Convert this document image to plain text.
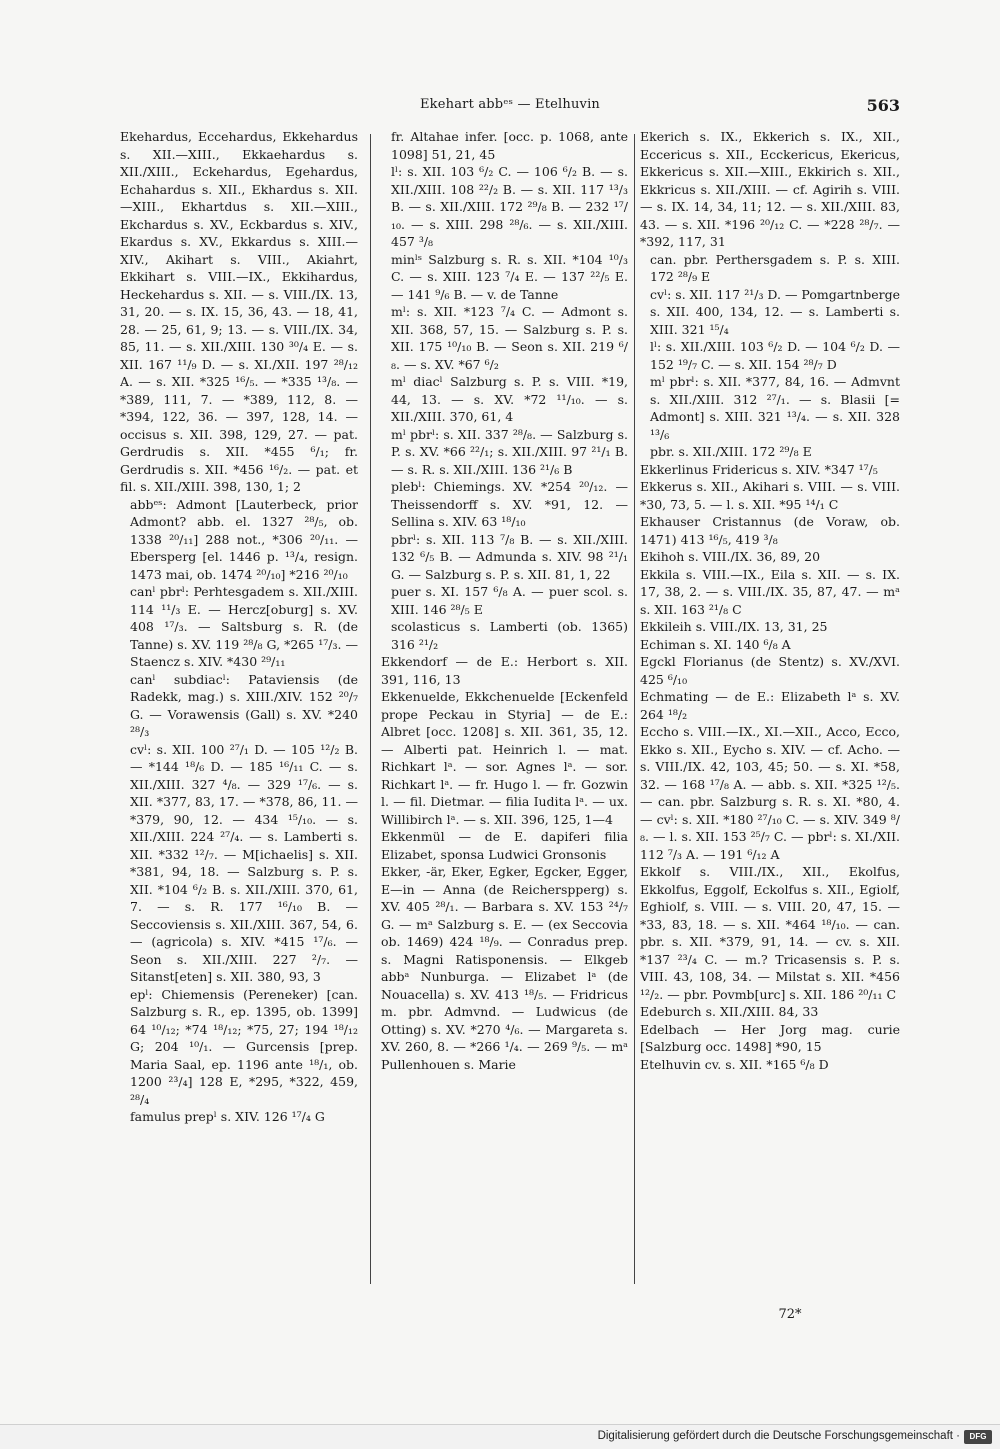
Ekehart abbᵉˢ — Etelhuvin	563

Ekehardus, Eccehardus, Ekkehardus s. XII.—XIII., Ekkaehardus s. XII./XIII., Eckehardus, Egehardus, Echahardus s. XII., Ekhardus s. XII.—XIII., Ekhartdus s. XII.—XIII., Ekchardus s. XV., Eckbardus s. XIV., Ekardus s. XV., Ekkardus s. XIII.—XIV., Akihart s. VIII., Akiahrt, Ekkihart s. VIII.—IX., Ekkihardus, Heckehardus s. XII. — s. VIII./IX. 13, 31, 20. — s. IX. 15, 36, 43. — 18, 41, 28. — 25, 61, 9; 13. — s. VIII./IX. 34, 85, 11. — s. XII./XIII. 130 ³⁰/₄ E. — s. XII. 167 ¹¹/₉ D. — s. XI./XII. 197 ²⁸/₁₂ A. — s. XII. *325 ¹⁶/₅. — *335 ¹³/₈. — *389, 111, 7. — *389, 112, 8. — *394, 122, 36. — 397, 128, 14. — occisus s. XII. 398, 129, 27. — pat. Gerdrudis s. XII. *455 ⁶/₁; fr. Gerdrudis s. XII. *456 ¹⁶/₂. — pat. et fil. s. XII./XIII. 398, 130, 1; 2

abbᵉˢ: Admont [Lauterbeck, prior Admont? abb. el. 1327 ²⁸/₅, ob. 1338 ²⁰/₁₁] 288 not., *306 ²⁰/₁₁. — Ebersperg [el. 1446 p. ¹³/₄, resign. 1473 mai, ob. 1474 ²⁰/₁₀] *216 ²⁰/₁₀

canˡ pbrˡ: Perhtesgadem s. XII./XIII. 114 ¹¹/₃ E. — Hercz[oburg] s. XV. 408 ¹⁷/₃. — Saltsburg s. R. (de Tanne) s. XV. 119 ²⁸/₈ G, *265 ¹⁷/₃. — Staencz s. XIV. *430 ²⁹/₁₁

canˡ subdiacˡ: Pataviensis (de Radekk, mag.) s. XIII./XIV. 152 ²⁰/₇ G. — Vorawensis (Gall) s. XV. *240 ²⁸/₃

cvˡ: s. XII. 100 ²⁷/₁ D. — 105 ¹²/₂ B. — *144 ¹⁸/₆ D. — 185 ¹⁶/₁₁ C. — s. XII./XIII. 327 ⁴/₈. — 329 ¹⁷/₆. — s. XII. *377, 83, 17. — *378, 86, 11. — *379, 90, 12. — 434 ¹⁵/₁₀. — s. XII./XIII. 224 ²⁷/₄. — s. Lamberti s. XII. *332 ¹²/₇. — M[ichaelis] s. XII. *381, 94, 18. — Salzburg s. P. s. XII. *104 ⁶/₂ B. s. XII./XIII. 370, 61, 7. — s. R. 177 ¹⁶/₁₀ B. — Seccoviensis s. XII./XIII. 367, 54, 6. — (agricola) s. XIV. *415 ¹⁷/₆. — Seon s. XII./XIII. 227 ²/₇. — Sitanst[eten] s. XII. 380, 93, 3

epˡ: Chiemensis (Pereneker) [can. Salzburg s. R., ep. 1395, ob. 1399] 64 ¹⁰/₁₂; *74 ¹⁸/₁₂; *75, 27; 194 ¹⁸/₁₂ G; 204 ¹⁰/₁. — Gurcensis [prep. Maria Saal, ep. 1196 ante ¹⁸/₁, ob. 1200 ²³/₄] 128 E, *295, *322, 459, ²⁸/₄

famulus prepˡ s. XIV. 126 ¹⁷/₄ G

fr. Altahae infer. [occ. p. 1068, ante 1098] 51, 21, 45

lˡ: s. XII. 103 ⁶/₂ C. — 106 ⁶/₂ B. — s. XII./XIII. 108 ²²/₂ B. — s. XII. 117 ¹³/₃ B. — s. XII./XIII. 172 ²⁹/₈ B. — 232 ¹⁷/₁₀. — s. XIII. 298 ²⁸/₆. — s. XII./XIII. 457 ³/₈

minˡˢ Salzburg s. R. s. XII. *104 ¹⁰/₃ C. — s. XIII. 123 ⁷/₄ E. — 137 ²²/₅ E. — 141 ⁹/₆ B. — v. de Tanne

mˡ: s. XII. *123 ⁷/₄ C. — Admont s. XII. 368, 57, 15. — Salzburg s. P. s. XII. 175 ¹⁰/₁₀ B. — Seon s. XII. 219 ⁶/₈. — s. XV. *67 ⁶/₂

mˡ diacˡ Salzburg s. P. s. VIII. *19, 44, 13. — s. XV. *72 ¹¹/₁₀. — s. XII./XIII. 370, 61, 4

mˡ pbrˡ: s. XII. 337 ²⁸/₈. — Salzburg s. P. s. XV. *66 ²²/₁; s. XII./XIII. 97 ²¹/₁ B. — s. R. s. XII./XIII. 136 ²¹/₆ B

plebˡ: Chiemings. XV. *254 ²⁰/₁₂. — Theissendorff s. XV. *91, 12. — Sellina s. XIV. 63 ¹⁸/₁₀

pbrˡ: s. XII. 113 ⁷/₈ B. — s. XII./XIII. 132 ⁶/₅ B. — Admunda s. XIV. 98 ²¹/₁ G. — Salzburg s. P. s. XII. 81, 1, 22

puer s. XI. 157 ⁶/₈ A. — puer scol. s. XIII. 146 ²⁸/₅ E

scolasticus s. Lamberti (ob. 1365) 316 ²¹/₂

Ekkendorf — de E.: Herbort s. XII. 391, 116, 13

Ekkenuelde, Ekkchenuelde [Eckenfeld prope Peckau in Styria] — de E.: Albret [occ. 1208] s. XII. 361, 35, 12. — Alberti pat. Heinrich l. — mat. Richkart lᵃ. — sor. Agnes lᵃ. — sor. Richkart lᵃ. — fr. Hugo l. — fr. Gozwin l. — fil. Dietmar. — filia Iudita lᵃ. — ux. Willibirch lᵃ. — s. XII. 396, 125, 1—4

Ekkenmül — de E. dapiferi filia Elizabet, sponsa Ludwici Gronsonis

Ekker, -är, Eker, Egker, Egcker, Egger, E—in — Anna (de Reicherspperg) s. XV. 405 ²⁸/₁. — Barbara s. XV. 153 ²⁴/₇ G. — mᵃ Salzburg s. E. — (ex Seccovia ob. 1469) 424 ¹⁸/₉. — Conradus prep. s. Magni Ratisponensis. — Elkgeb abbᵃ Nunburga. — Elizabet lᵃ (de Nouacella) s. XV. 413 ¹⁸/₅. — Fridricus m. pbr. Admvnd. — Ludwicus (de Otting) s. XV. *270 ⁴/₆. — Margareta s. XV. 260, 8. — *266 ¹/₄. — 269 ⁹/₅. — mᵃ Pullenhouen s. Marie

Ekerich s. IX., Ekkerich s. IX., XII., Eccericus s. XII., Ecckericus, Ekericus, Ekkericus s. XII.—XIII., Ekkirich s. XII., Ekkricus s. XII./XIII. — cf. Agirih s. VIII. — s. IX. 14, 34, 11; 12. — s. XII./XIII. 83, 43. — s. XII. *196 ²⁰/₁₂ C. — *228 ²⁸/₇. — *392, 117, 31

can. pbr. Perthersgadem s. P. s. XIII. 172 ²⁸/₉ E

cvˡ: s. XII. 117 ²¹/₃ D. — Pomgartnberge s. XII. 400, 134, 12. — s. Lamberti s. XIII. 321 ¹⁵/₄

lˡ: s. XII./XIII. 103 ⁶/₂ D. — 104 ⁶/₂ D. — 152 ¹⁹/₇ C. — s. XII. 154 ²⁸/₇ D

mˡ pbrˡ: s. XII. *377, 84, 16. — Admvnt s. XII./XIII. 312 ²⁷/₁. — s. Blasii [= Admont] s. XIII. 321 ¹³/₄. — s. XII. 328 ¹³/₆

pbr. s. XII./XIII. 172 ²⁹/₈ E

Ekkerlinus Fridericus s. XIV. *347 ¹⁷/₅

Ekkerus s. XII., Akihari s. VIII. — s. VIII. *30, 73, 5. — l. s. XII. *95 ¹⁴/₁ C

Ekhauser Cristannus (de Voraw, ob. 1471) 413 ¹⁶/₅, 419 ³/₈

Ekihoh s. VIII./IX. 36, 89, 20

Ekkila s. VIII.—IX., Eila s. XII. — s. IX. 17, 38, 2. — s. VIII./IX. 35, 87, 47. — mᵃ s. XII. 163 ²¹/₈ C

Ekkileih s. VIII./IX. 13, 31, 25

Echiman s. XI. 140 ⁶/₈ A

Egckl Florianus (de Stentz) s. XV./XVI. 425 ⁶/₁₀

Echmating — de E.: Elizabeth lᵃ s. XV. 264 ¹⁸/₂

Eccho s. VIII.—IX., XI.—XII., Acco, Ecco, Ekko s. XII., Eycho s. XIV. — cf. Acho. — s. VIII./IX. 42, 103, 45; 50. — s. XI. *58, 32. — 168 ¹⁷/₈ A. — abb. s. XII. *325 ¹²/₅. — can. pbr. Salzburg s. R. s. XI. *80, 4. — cvˡ: s. XII. *180 ²⁷/₁₀ C. — s. XIV. 349 ⁸/₈. — l. s. XII. 153 ²⁵/₇ C. — pbrˡ: s. XI./XII. 112 ⁷/₃ A. — 191 ⁶/₁₂ A

Ekkolf s. VIII./IX., XII., Ekolfus, Ekkolfus, Eggolf, Eckolfus s. XII., Egiolf, Eghiolf, s. VIII. — s. VIII. 20, 47, 15. — *33, 83, 18. — s. XII. *464 ¹⁸/₁₀. — can. pbr. s. XII. *379, 91, 14. — cv. s. XII. *137 ²³/₄ C. — m.? Tricasensis s. P. s. VIII. 43, 108, 34. — Milstat s. XII. *456 ¹²/₂. — pbr. Povmb[urc] s. XII. 186 ²⁰/₁₁ C

Edeburch s. XII./XIII. 84, 33

Edelbach — Her Jorg mag. curie [Salzburg occ. 1498] *90, 15

Etelhuvin cv. s. XII. *165 ⁶/₈ D

72*
Digitalisierung gefördert durch die Deutsche Forschungsgemeinschaft ·	DFG
